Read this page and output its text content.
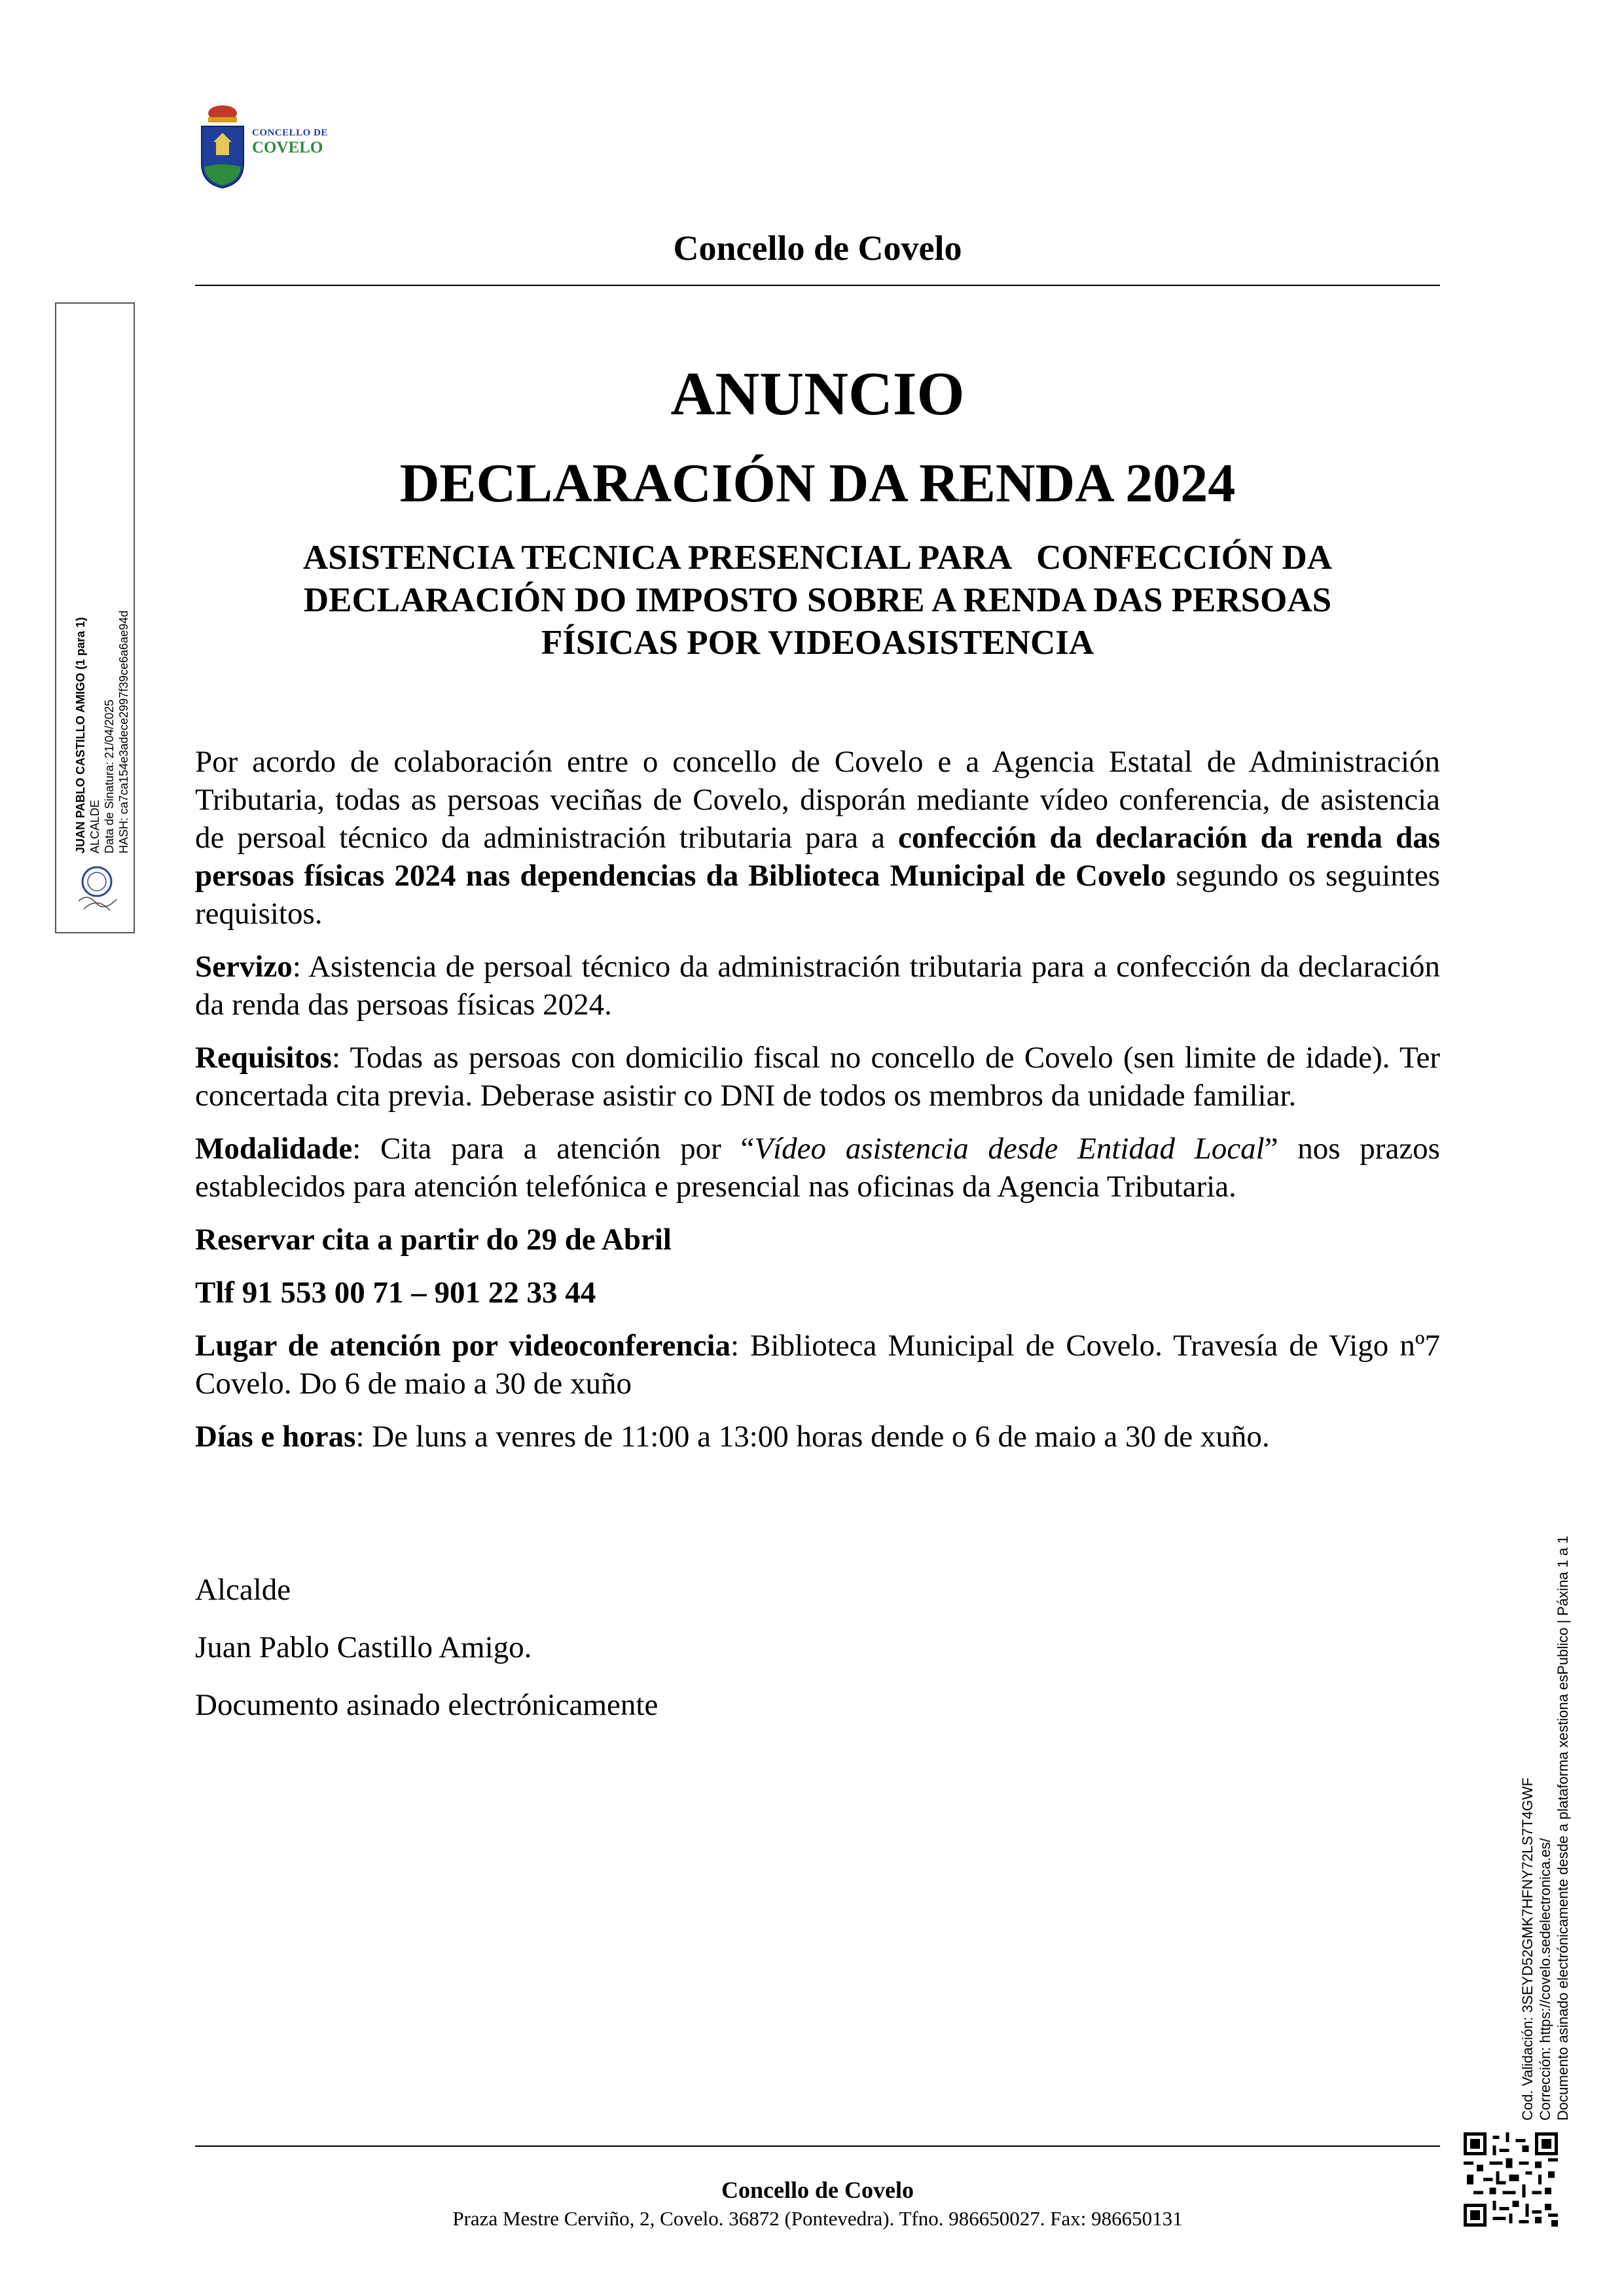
CONCELLO DE
COVELO
Concello de Covelo
JUAN PABLO CASTILLO AMIGO (1 para 1) ALCALDE Data de Sinatura: 21/04/2025 HASH: ca7ca154e3adece2997f39ce6a6ae94d
ANUNCIO
DECLARACIÓN DA RENDA 2024
ASISTENCIA TECNICA PRESENCIAL PARA   CONFECCIÓN DA
DECLARACIÓN DO IMPOSTO SOBRE A RENDA DAS PERSOAS
FÍSICAS POR VIDEOASISTENCIA

Por acordo de colaboración entre o concello de Covelo e a Agencia Estatal de Administración Tributaria, todas as persoas veciñas de Covelo, disporán mediante vídeo conferencia, de asistencia de persoal técnico da administración tributaria para a confección da declaración da renda das persoas físicas 2024 nas dependencias da Biblioteca Municipal de Covelo segundo os seguintes requisitos.

Servizo: Asistencia de persoal técnico da administración tributaria para a confección da declaración da renda das persoas físicas 2024.

Requisitos: Todas as persoas con domicilio fiscal no concello de Covelo (sen limite de idade). Ter concertada cita previa. Deberase asistir co DNI de todos os membros da unidade familiar.

Modalidade: Cita para a atención por “Vídeo asistencia desde Entidad Local” nos prazos establecidos para atención telefónica e presencial nas oficinas da Agencia Tributaria.

Reservar cita a partir do 29 de Abril

Tlf 91 553 00 71 – 901 22 33 44

Lugar de atención por videoconferencia: Biblioteca Municipal de Covelo. Travesía de Vigo nº7 Covelo. Do 6 de maio a 30 de xuño

Días e horas: De luns a venres de 11:00 a 13:00 horas dende o 6 de maio a 30 de xuño.

Alcalde

Juan Pablo Castillo Amigo.

Documento asinado electrónicamente

Cod. Validación: 3SEYD52GMK7HFNY72LS7T4GWF Corrección: https://covelo.sedelectronica.es/ Documento asinado electrónicamente desde a plataforma xestiona esPublico | Páxina 1 a 1
Concello de Covelo
Praza Mestre Cerviño, 2, Covelo. 36872 (Pontevedra). Tfno. 986650027. Fax: 986650131
